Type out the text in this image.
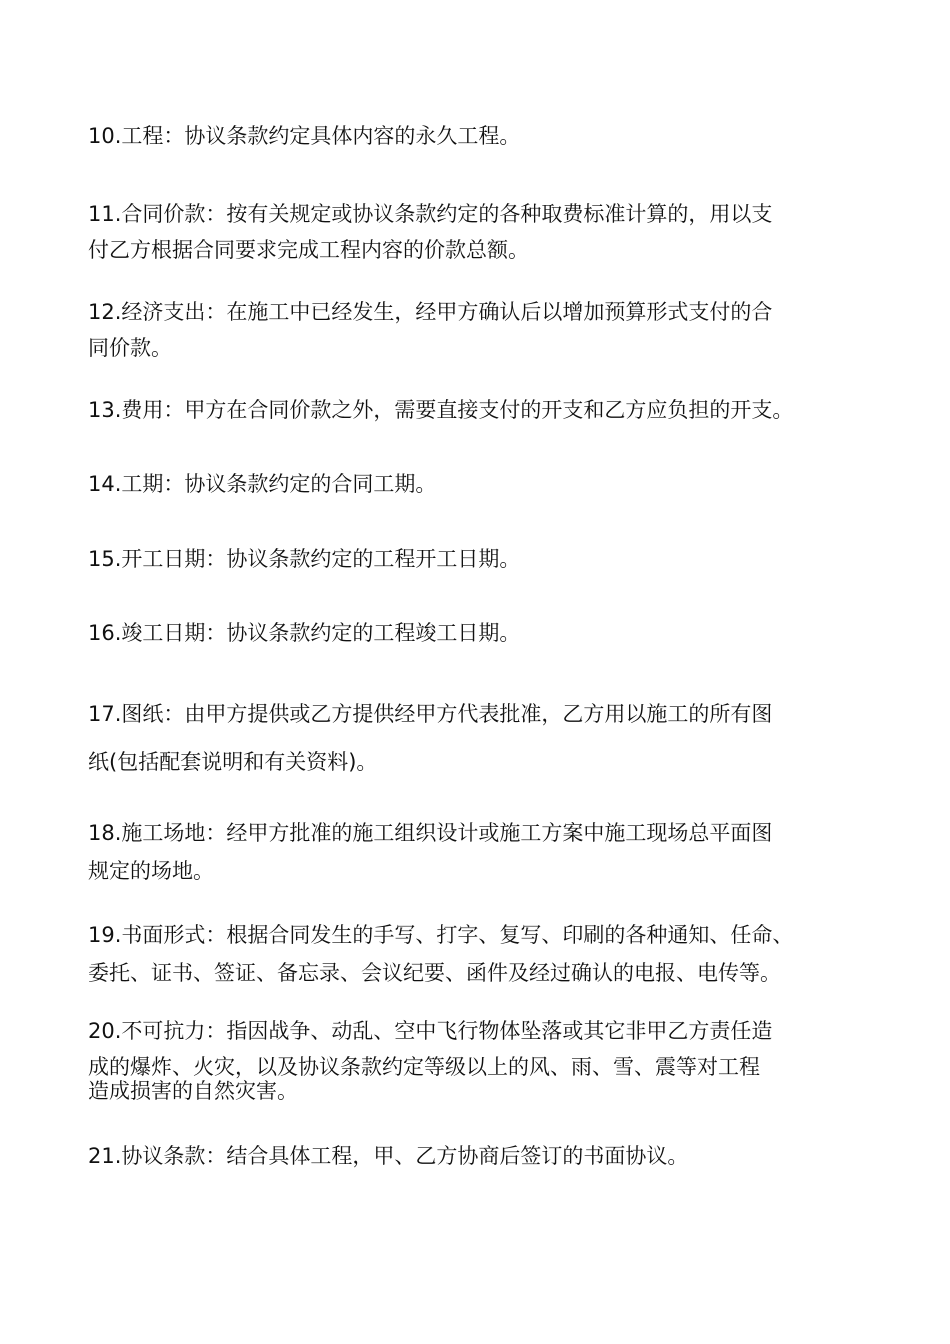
10.工程：协议条款约定具体内容的永久工程。

11.合同价款：按有关规定或协议条款约定的各种取费标准计算的，用以支
付乙方根据合同要求完成工程内容的价款总额。

12.经济支出：在施工中已经发生，经甲方确认后以增加预算形式支付的合
同价款。

13.费用：甲方在合同价款之外，需要直接支付的开支和乙方应负担的开支。

14.工期：协议条款约定的合同工期。

15.开工日期：协议条款约定的工程开工日期。

16.竣工日期：协议条款约定的工程竣工日期。

17.图纸：由甲方提供或乙方提供经甲方代表批准，乙方用以施工的所有图
纸(包括配套说明和有关资料)。

18.施工场地：经甲方批准的施工组织设计或施工方案中施工现场总平面图
规定的场地。

19.书面形式：根据合同发生的手写、打字、复写、印刷的各种通知、任命、
委托、证书、签证、备忘录、会议纪要、函件及经过确认的电报、电传等。

20.不可抗力：指因战争、动乱、空中飞行物体坠落或其它非甲乙方责任造
成的爆炸、火灾，以及协议条款约定等级以上的风、雨、雪、震等对工程
造成损害的自然灾害。

21.协议条款：结合具体工程，甲、乙方协商后签订的书面协议。
